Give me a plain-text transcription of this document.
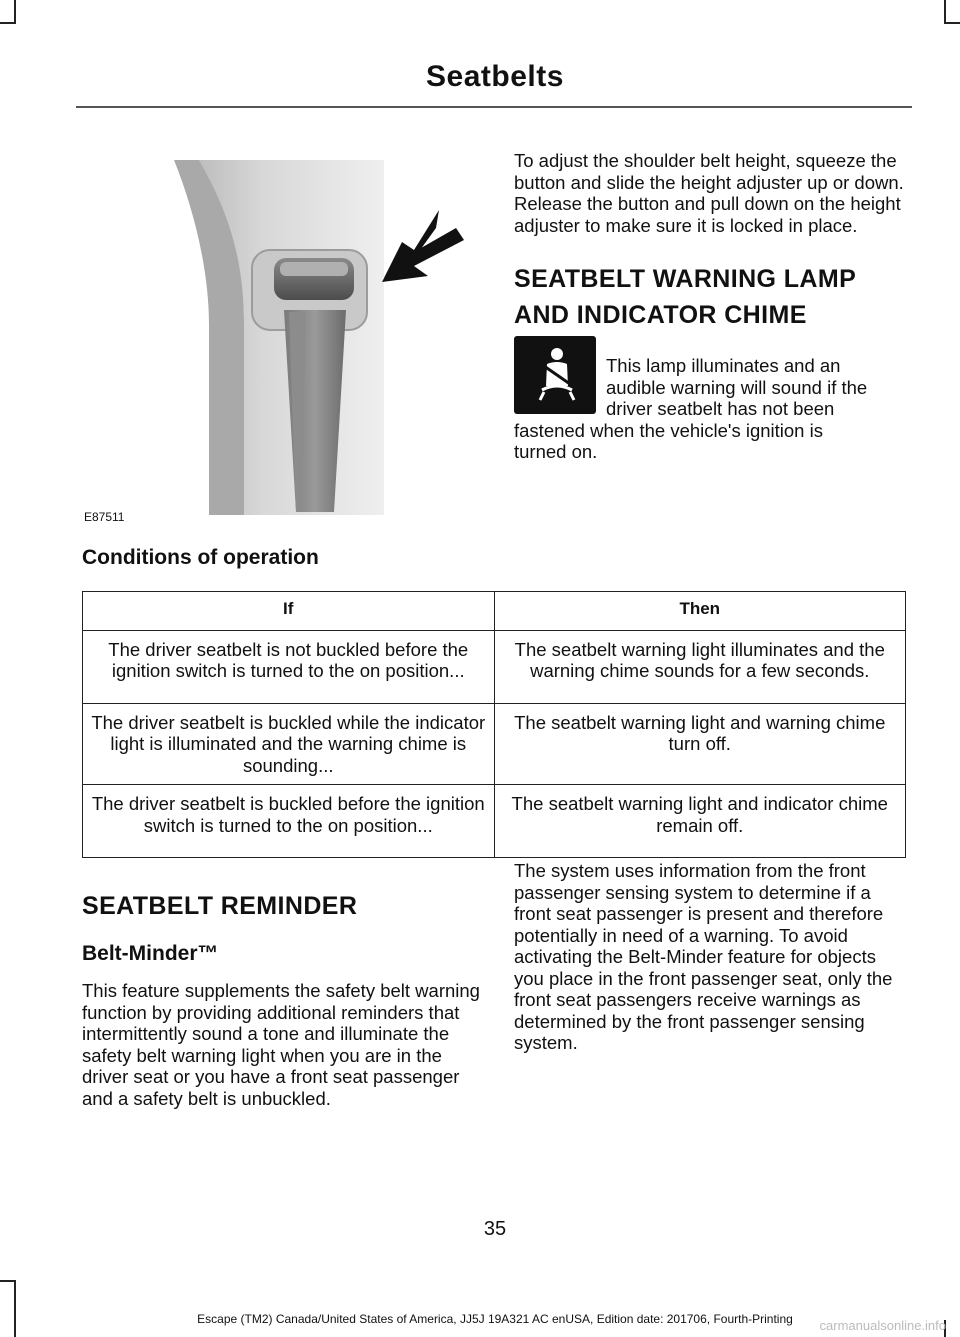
Seatbelts
E87511

To adjust the shoulder belt height, squeeze the button and slide the height adjuster up or down. Release the button and pull down on the height adjuster to make sure it is locked in place.

SEATBELT WARNING LAMP

AND INDICATOR CHIME

This lamp illuminates and an

audible warning will sound if the

driver seatbelt has not been

fastened when the vehicle's ignition is

turned on.

Conditions of operation
If	Then
The driver seatbelt is not buckled before the ignition switch is turned to the on position...	The seatbelt warning light illuminates and the warning chime sounds for a few seconds.
The driver seatbelt is buckled while the indicator light is illuminated and the warning chime is sounding...	The seatbelt warning light and warning chime turn off.
The driver seatbelt is buckled before the ignition switch is turned to the on position...	The seatbelt warning light and indicator chime remain off.

SEATBELT REMINDER

Belt-Minder™

This feature supplements the safety belt warning function by providing additional reminders that intermittently sound a tone and illuminate the safety belt warning light when you are in the driver seat or you have a front seat passenger and a safety belt is unbuckled.

The system uses information from the front passenger sensing system to determine if a front seat passenger is present and therefore potentially in need of a warning. To avoid activating the Belt-Minder feature for objects you place in the front passenger seat, only the front seat passengers receive warnings as determined by the front passenger sensing system.

35
Escape (TM2) Canada/United States of America, JJ5J 19A321 AC enUSA, Edition date: 201706, Fourth-Printing	carmanualsonline.info
